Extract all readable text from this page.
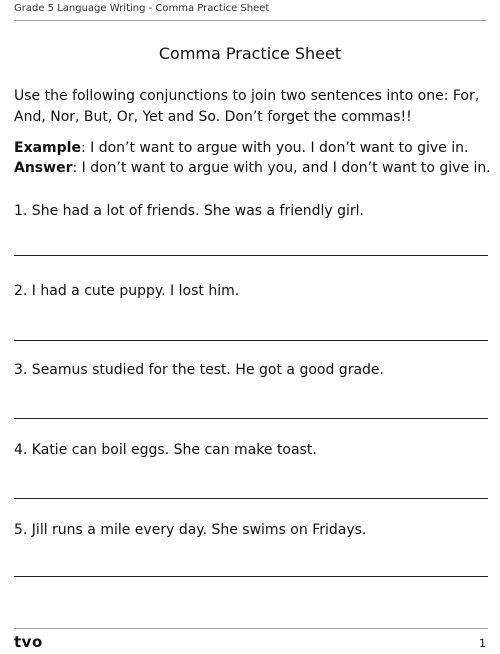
Grade 5 Language Writing - Comma Practice Sheet
Comma Practice Sheet
Use the following conjunctions to join two sentences into one: For, And, Nor, But, Or, Yet and So. Don’t forget the commas!!
Example: I don’t want to argue with you. I don’t want to give in.
Answer: I don’t want to argue with you, and I don’t want to give in.
1. She had a lot of friends. She was a friendly girl.
2. I had a cute puppy. I lost him.
3. Seamus studied for the test. He got a good grade.
4. Katie can boil eggs. She can make toast.
5. Jill runs a mile every day. She swims on Fridays.
tvo	1
